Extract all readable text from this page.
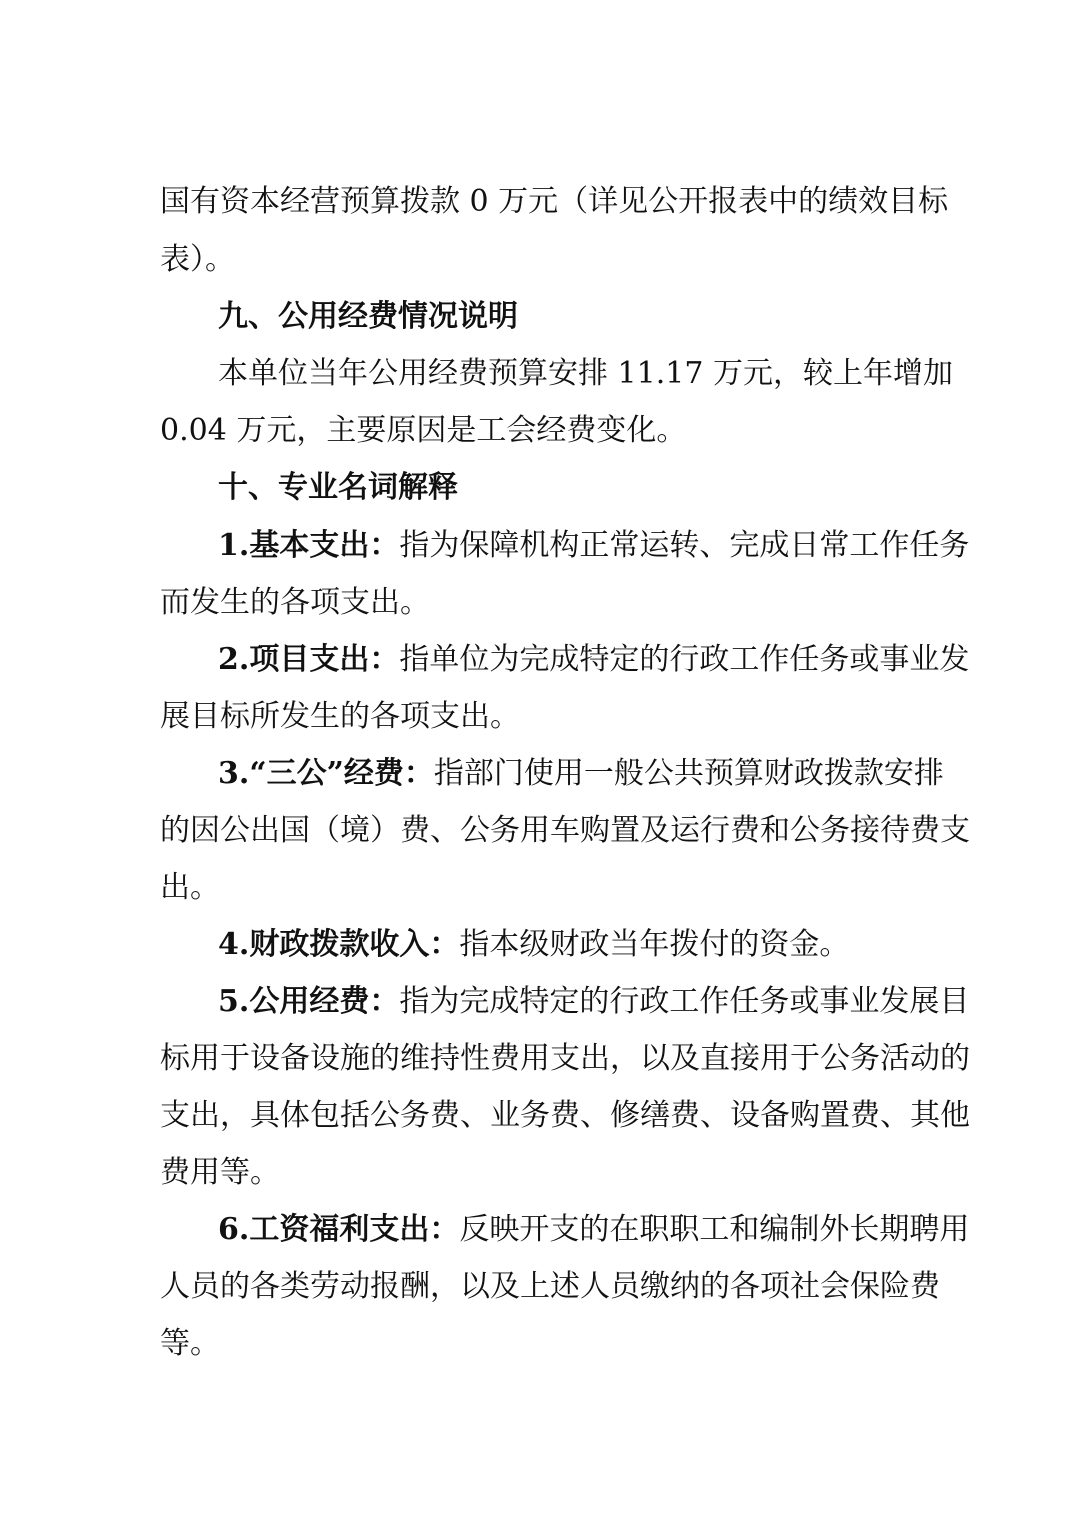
国有资本经营预算拨款 0 万元（详见公开报表中的绩效目标
表）。
九、公用经费情况说明
本单位当年公用经费预算安排 11.17 万元，较上年增加
0.04 万元，主要原因是工会经费变化。
十、专业名词解释
1.基本支出：指为保障机构正常运转、完成日常工作任务
而发生的各项支出。
2.项目支出：指单位为完成特定的行政工作任务或事业发
展目标所发生的各项支出。
3.“三公”经费：指部门使用一般公共预算财政拨款安排
的因公出国（境）费、公务用车购置及运行费和公务接待费支
出。
4.财政拨款收入：指本级财政当年拨付的资金。
5.公用经费：指为完成特定的行政工作任务或事业发展目
标用于设备设施的维持性费用支出，以及直接用于公务活动的
支出，具体包括公务费、业务费、修缮费、设备购置费、其他
费用等。
6.工资福利支出：反映开支的在职职工和编制外长期聘用
人员的各类劳动报酬，以及上述人员缴纳的各项社会保险费
等。
